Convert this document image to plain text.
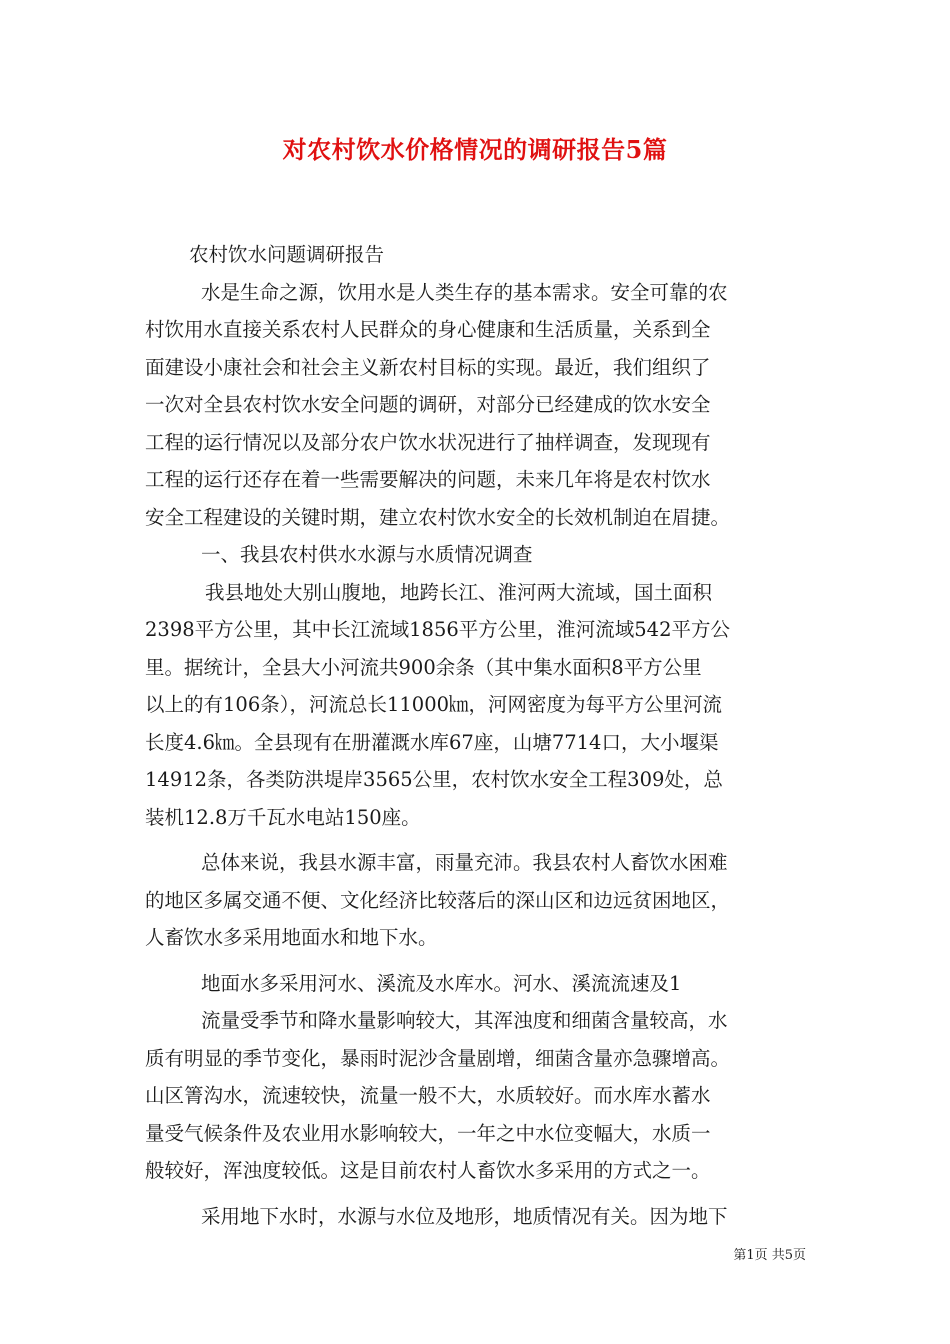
对农村饮水价格情况的调研报告5篇
农村饮水问题调研报告
水是生命之源，饮用水是人类生存的基本需求。安全可靠的农
村饮用水直接关系农村人民群众的身心健康和生活质量，关系到全
面建设小康社会和社会主义新农村目标的实现。最近，我们组织了
一次对全县农村饮水安全问题的调研，对部分已经建成的饮水安全
工程的运行情况以及部分农户饮水状况进行了抽样调查，发现现有
工程的运行还存在着一些需要解决的问题，未来几年将是农村饮水
安全工程建设的关键时期，建立农村饮水安全的长效机制迫在眉捷。
一、我县农村供水水源与水质情况调查
我县地处大别山腹地，地跨长江、淮河两大流域，国土面积
2398平方公里，其中长江流域1856平方公里，淮河流域542平方公
里。据统计，全县大小河流共900余条（其中集水面积8平方公里
以上的有106条），河流总长11000㎞，河网密度为每平方公里河流
长度4.6㎞。全县现有在册灌溉水库67座，山塘7714口，大小堰渠
14912条，各类防洪堤岸3565公里，农村饮水安全工程309处，总
装机12.8万千瓦水电站150座。
总体来说，我县水源丰富，雨量充沛。我县农村人畜饮水困难
的地区多属交通不便、文化经济比较落后的深山区和边远贫困地区，
人畜饮水多采用地面水和地下水。
地面水多采用河水、溪流及水库水。河水、溪流流速及1
流量受季节和降水量影响较大，其浑浊度和细菌含量较高，水
质有明显的季节变化，暴雨时泥沙含量剧增，细菌含量亦急骤增高。
山区箐沟水，流速较快，流量一般不大，水质较好。而水库水蓄水
量受气候条件及农业用水影响较大，一年之中水位变幅大，水质一
般较好，浑浊度较低。这是目前农村人畜饮水多采用的方式之一。
采用地下水时，水源与水位及地形，地质情况有关。因为地下
第1页 共5页
